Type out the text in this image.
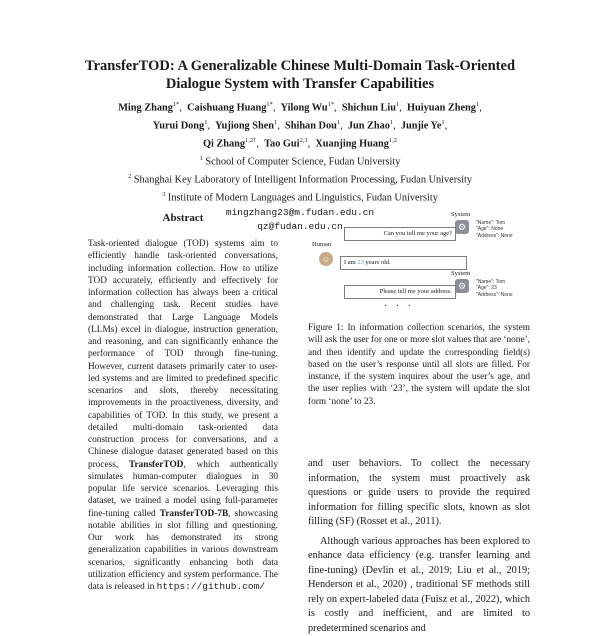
TransferTOD: A Generalizable Chinese Multi-Domain Task-Oriented
Dialogue System with Transfer Capabilities
Ming Zhang$^{1*}$,  Caishuang Huang$^{1*}$,  Yilong $Wu^{1*}$,  Shichun Liu$^1$,  Huiyuan Zheng$^1$,
Yurui Dong$^1$,  Yujiong Shen$^1$,  Shihan Dou$^1$,  Jun Zhao$^1$,  Junjie Ye$^1$,
Qi Zhang$^{1,2\dagger}$,  Tao Gui$^{2,3}$,  Xuanjing Huang$^{1,2}$
$^1$ School of Computer Science, Fudan University
$^2$ Shanghai Key Laboratory of Intelligent Information Processing, Fudan University
$^3$ Institute of Modern Languages and Linguistics, Fudan University
mingzhang23@m.fudan.edu.cn
qz@fudan.edu.cn
Abstract
Task-oriented dialogue (TOD) systems aim to efficiently handle task-oriented conversations, including information collection. How to utilize TOD accurately, efficiently and effectively for information collection has always been a critical and challenging task. Recent studies have demonstrated that Large Language Models (LLMs) excel in dialogue, instruction generation, and reasoning, and can significantly enhance the performance of TOD through fine-tuning. However, current datasets primarily cater to user-led systems and are limited to predefined specific scenarios and slots, thereby necessitating improvements in the proactiveness, diversity, and capabilities of TOD. In this study, we present a detailed multi-domain task-oriented data construction process for conversations, and a Chinese dialogue dataset generated based on this process, TransferTOD, which authentically simulates human-computer dialogues in 30 popular life service scenarios. Leveraging this dataset, we trained a model using full-parameter fine-tuning called TransferTOD-7B, showcasing notable abilities in slot filling and questioning. Our work has demonstrated its strong generalization capabilities in various downstream scenarios, significantly enhancing both data utilization efficiency and system performance. The data is released in https://github.com/
System
⚙	"Name": Tom
"Age": None
"Address": None
Can you tell me your age?
Human
☺	I am 23 years old.
System
⚙	"Name": Tom
"Age": 23
"Address": None
Please tell me your address.
· · ·
Figure 1: In information collection scenarios, the system will ask the user for one or more slot values that are ‘none’, and then identify and update the corresponding field(s) based on the user’s response until all slots are filled. For instance, if the system inquires about the user’s age, and the user replies with ‘23’, the system will update the slot form ‘none’ to 23.

and user behaviors. To collect the necessary information, the system must proactively ask questions or guide users to provide the required information for filling specific slots, known as slot filling (SF) (Rosset et al., 2011).

Although various approaches has been explored to enhance data efficiency (e.g. transfer learning and fine-tuning) (Devlin et al., 2019; Liu et al., 2019; Henderson et al., 2020) , traditional SF methods still rely on expert-labeled data (Fuisz et al., 2022), which is costly and inefficient, and are limited to predetermined scenarios and
